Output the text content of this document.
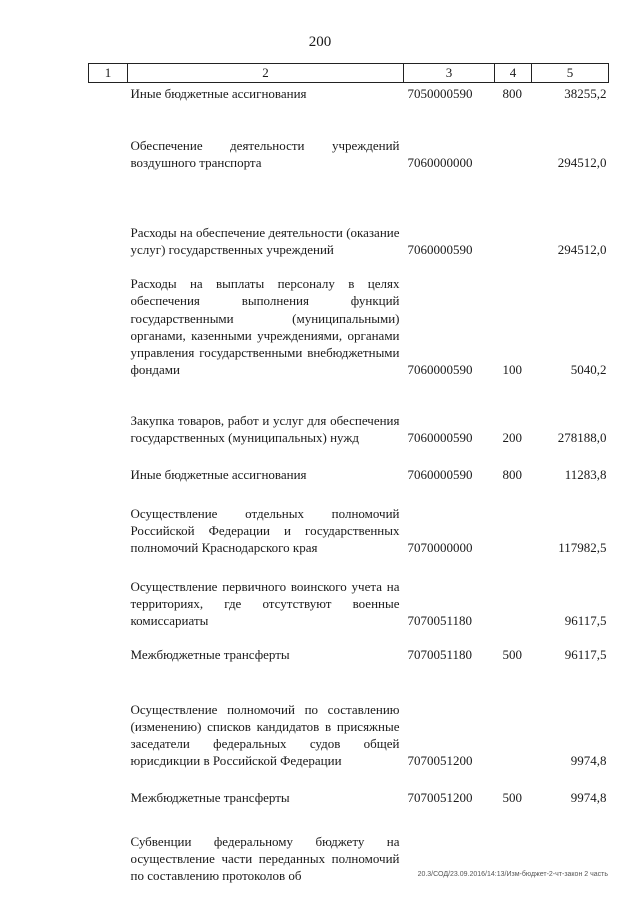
200
1	2	3	4	5
	Иные бюджетные ассигнования	7050000590	800	38255,2
	Обеспечение деятельности учреждений воздушного транспорта	7060000000		294512,0
	Расходы на обеспечение деятельности (оказание услуг) государственных учреждений	7060000590		294512,0
	Расходы на выплаты персоналу в целях обеспечения выполнения функций государственными (муниципальными) органами, казенными учреждениями, органами управления государственными внебюджетными фондами	7060000590	100	5040,2
	Закупка товаров, работ и услуг для обеспечения государственных (муниципальных) нужд	7060000590	200	278188,0
	Иные бюджетные ассигнования	7060000590	800	11283,8
	Осуществление отдельных полномочий Российской Федерации и государственных полномочий Краснодарского края	7070000000		117982,5
	Осуществление первичного воинского учета на территориях, где отсутствуют военные комиссариаты	7070051180		96117,5
	Межбюджетные трансферты	7070051180	500	96117,5
	Осуществление полномочий по составлению (изменению) списков кандидатов в присяжные заседатели федеральных судов общей юрисдикции в Российской Федерации	7070051200		9974,8
	Межбюджетные трансферты	7070051200	500	9974,8
	Субвенции федеральному бюджету на осуществление части переданных полномочий по составлению протоколов об				20.3/СОД/23.09.2016/14:13/Изм-бюджет-2-чт-закон 2 часть
